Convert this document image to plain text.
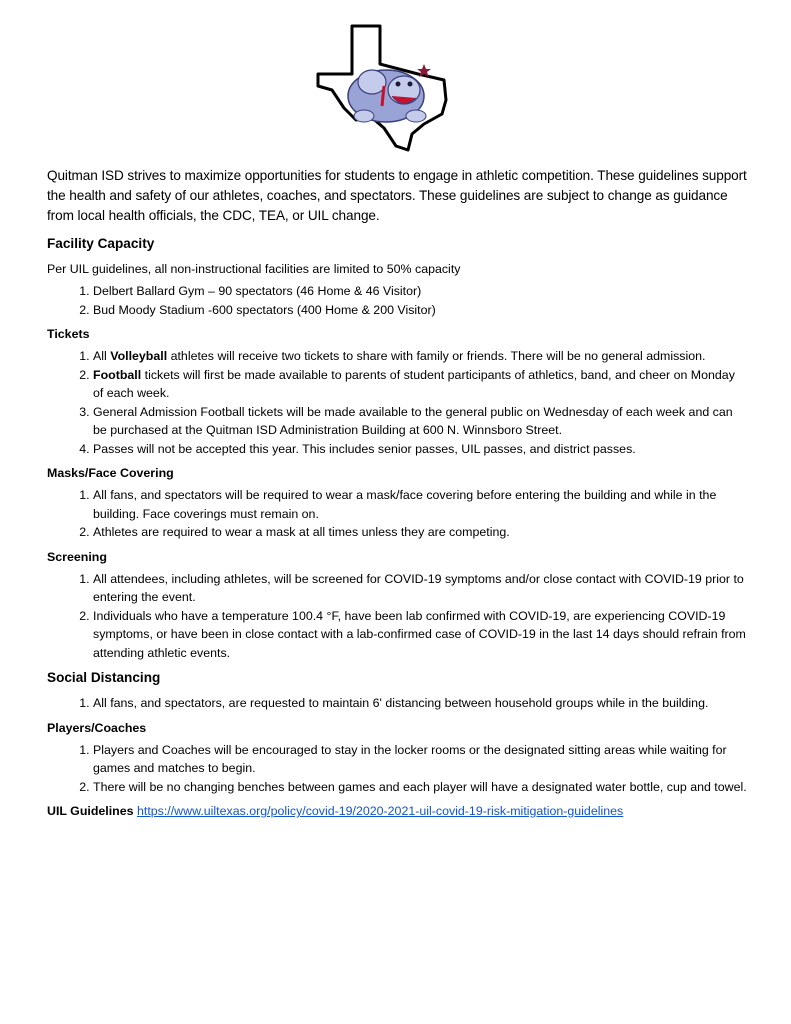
Quitman ISD strives to maximize opportunities for students to engage in athletic competition. These guidelines support the health and safety of our athletes, coaches, and spectators. These guidelines are subject to change as guidance from local health officials, the CDC, TEA, or UIL change.

Facility Capacity

Per UIL guidelines, all non-instructional facilities are limited to 50% capacity

1. Delbert Ballard Gym – 90 spectators (46 Home & 46 Visitor)
2. Bud Moody Stadium -600 spectators (400 Home & 200 Visitor)
Tickets
1. All Volleyball athletes will receive two tickets to share with family or friends. There will be no general admission.
2. Football tickets will first be made available to parents of student participants of athletics, band, and cheer on Monday of each week.
3. General Admission Football tickets will be made available to the general public on Wednesday of each week and can be purchased at the Quitman ISD Administration Building at 600 N. Winnsboro Street.
4. Passes will not be accepted this year. This includes senior passes, UIL passes, and district passes.
Masks/Face Covering
1. All fans, and spectators will be required to wear a mask/face covering before entering the building and while in the building. Face coverings must remain on.
2. Athletes are required to wear a mask at all times unless they are competing.
Screening
1. All attendees, including athletes, will be screened for COVID-19 symptoms and/or close contact with COVID-19 prior to entering the event.
2. Individuals who have a temperature 100.4 °F, have been lab confirmed with COVID-19, are experiencing COVID-19 symptoms, or have been in close contact with a lab-confirmed case of COVID-19 in the last 14 days should refrain from attending athletic events.
Social Distancing
1. All fans, and spectators, are requested to maintain 6' distancing between household groups while in the building.
Players/Coaches
1. Players and Coaches will be encouraged to stay in the locker rooms or the designated sitting areas while waiting for games and matches to begin.
2. There will be no changing benches between games and each player will have a designated water bottle, cup and towel.
UIL Guidelines https://www.uiltexas.org/policy/covid-19/2020-2021-uil-covid-19-risk-mitigation-guidelines
